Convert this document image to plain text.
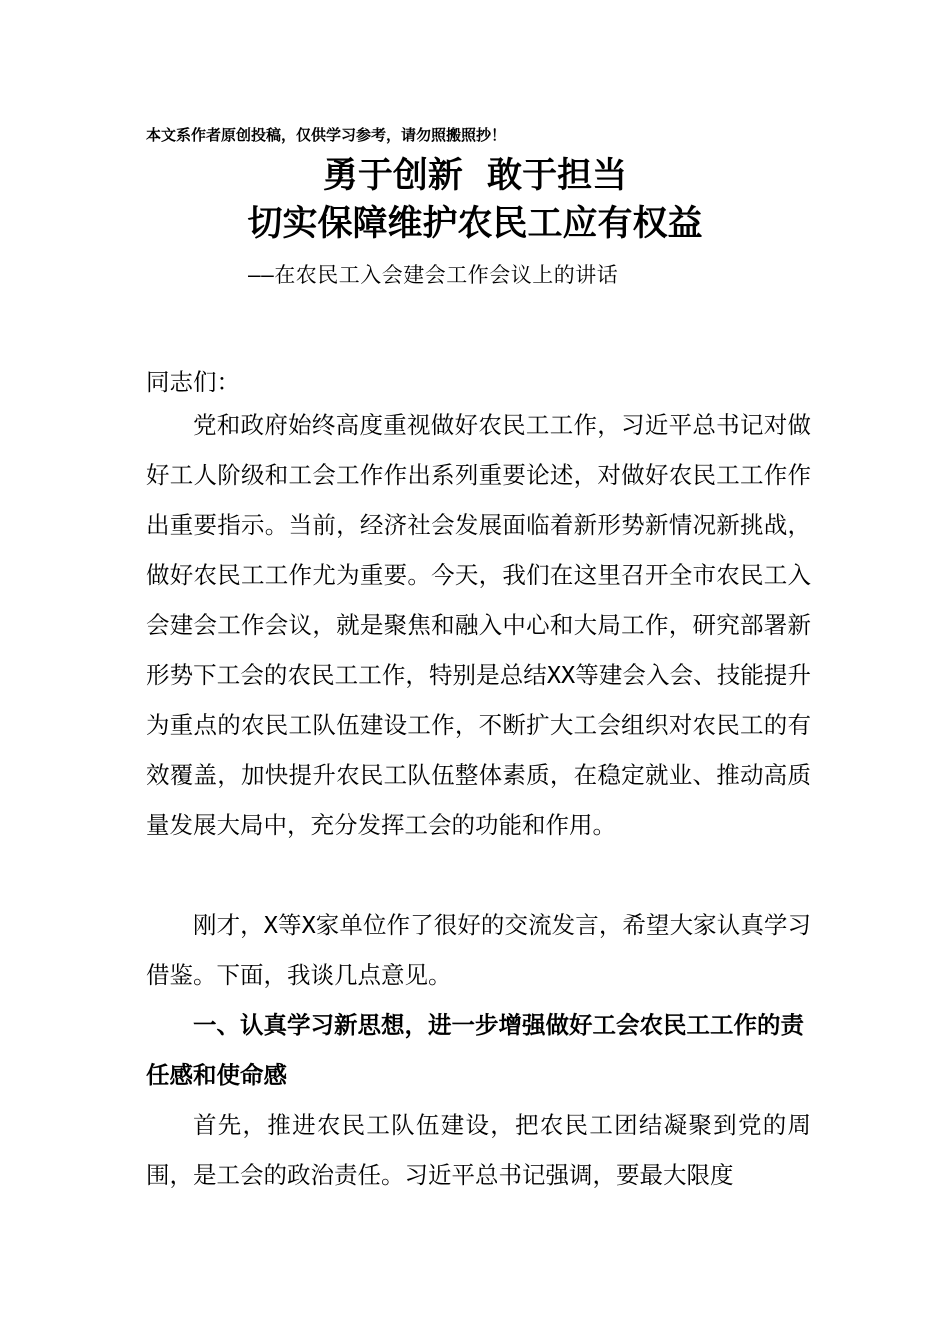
本文系作者原创投稿，仅供学习参考，请勿照搬照抄！
勇于创新  敢于担当
切实保障维护农民工应有权益
——在农民工入会建会工作会议上的讲话
同志们：
党和政府始终高度重视做好农民工工作，习近平总书记对做好工人阶级和工会工作作出系列重要论述，对做好农民工工作作出重要指示。当前，经济社会发展面临着新形势新情况新挑战，做好农民工工作尤为重要。今天，我们在这里召开全市农民工入会建会工作会议，就是聚焦和融入中心和大局工作，研究部署新形势下工会的农民工工作，特别是总结XX等建会入会、技能提升为重点的农民工队伍建设工作，不断扩大工会组织对农民工的有效覆盖，加快提升农民工队伍整体素质，在稳定就业、推动高质量发展大局中，充分发挥工会的功能和作用。
刚才，X等X家单位作了很好的交流发言，希望大家认真学习借鉴。下面，我谈几点意见。
一、认真学习新思想，进一步增强做好工会农民工工作的责任感和使命感
首先，推进农民工队伍建设，把农民工团结凝聚到党的周围，是工会的政治责任。习近平总书记强调，要最大限度
